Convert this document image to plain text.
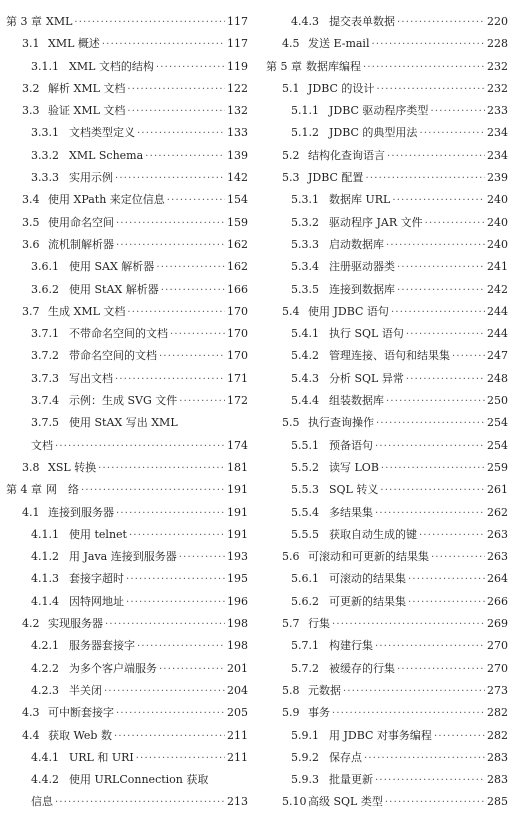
第 3 章 XML ·····	117
3.1 XML 概述 ·····	117
3.1.1 XML 文档的结构 ·····	119
3.2 解析 XML 文档 ·····	122
3.3 验证 XML 文档 ·····	132
3.3.1 文档类型定义 ·····	133
3.3.2 XML Schema ·····	139
3.3.3 实用示例 ·····	142
3.4 使用 XPath 来定位信息 ·····	154
3.5 使用命名空间 ·····	159
3.6 流机制解析器 ·····	162
3.6.1 使用 SAX 解析器 ·····	162
3.6.2 使用 StAX 解析器 ·····	166
3.7 生成 XML 文档 ·····	170
3.7.1 不带命名空间的文档 ·····	170
3.7.2 带命名空间的文档 ·····	170
3.7.3 写出文档 ·····	171
3.7.4 示例：生成 SVG 文件 ·····	172
3.7.5 使用 StAX 写出 XML
文档 ·····	174
3.8 XSL 转换 ·····	181
第 4 章 网　络 ·····	191
4.1 连接到服务器 ·····	191
4.1.1 使用 telnet ·····	191
4.1.2 用 Java 连接到服务器 ·····	193
4.1.3 套接字超时 ·····	195
4.1.4 因特网地址 ·····	196
4.2 实现服务器 ·····	198
4.2.1 服务器套接字 ·····	198
4.2.2 为多个客户端服务 ·····	201
4.2.3 半关闭 ·····	204
4.3 可中断套接字 ·····	205
4.4 获取 Web 数 ·····	211
4.4.1 URL 和 URI ·····	211
4.4.2 使用 URLConnection 获取
信息 ·····	213
4.4.3 提交表单数据 ·····	220
4.5 发送 E-mail ·····	228
第 5 章 数据库编程 ·····	232
5.1 JDBC 的设计 ·····	232
5.1.1 JDBC 驱动程序类型 ·····	233
5.1.2 JDBC 的典型用法 ·····	234
5.2 结构化查询语言 ·····	234
5.3 JDBC 配置 ·····	239
5.3.1 数据库 URL ·····	240
5.3.2 驱动程序 JAR 文件 ·····	240
5.3.3 启动数据库 ·····	240
5.3.4 注册驱动器类 ·····	241
5.3.5 连接到数据库 ·····	242
5.4 使用 JDBC 语句 ·····	244
5.4.1 执行 SQL 语句 ·····	244
5.4.2 管理连接、语句和结果集 ·····	247
5.4.3 分析 SQL 异常 ·····	248
5.4.4 组装数据库 ·····	250
5.5 执行查询操作 ·····	254
5.5.1 预备语句 ·····	254
5.5.2 读写 LOB ·····	259
5.5.3 SQL 转义 ·····	261
5.5.4 多结果集 ·····	262
5.5.5 获取自动生成的键 ·····	263
5.6 可滚动和可更新的结果集 ·····	263
5.6.1 可滚动的结果集 ·····	264
5.6.2 可更新的结果集 ·····	266
5.7 行集 ·····	269
5.7.1 构建行集 ·····	270
5.7.2 被缓存的行集 ·····	270
5.8 元数据 ·····	273
5.9 事务 ·····	282
5.9.1 用 JDBC 对事务编程 ·····	282
5.9.2 保存点 ·····	283
5.9.3 批量更新 ·····	283
5.10 高级 SQL 类型 ·····	285
